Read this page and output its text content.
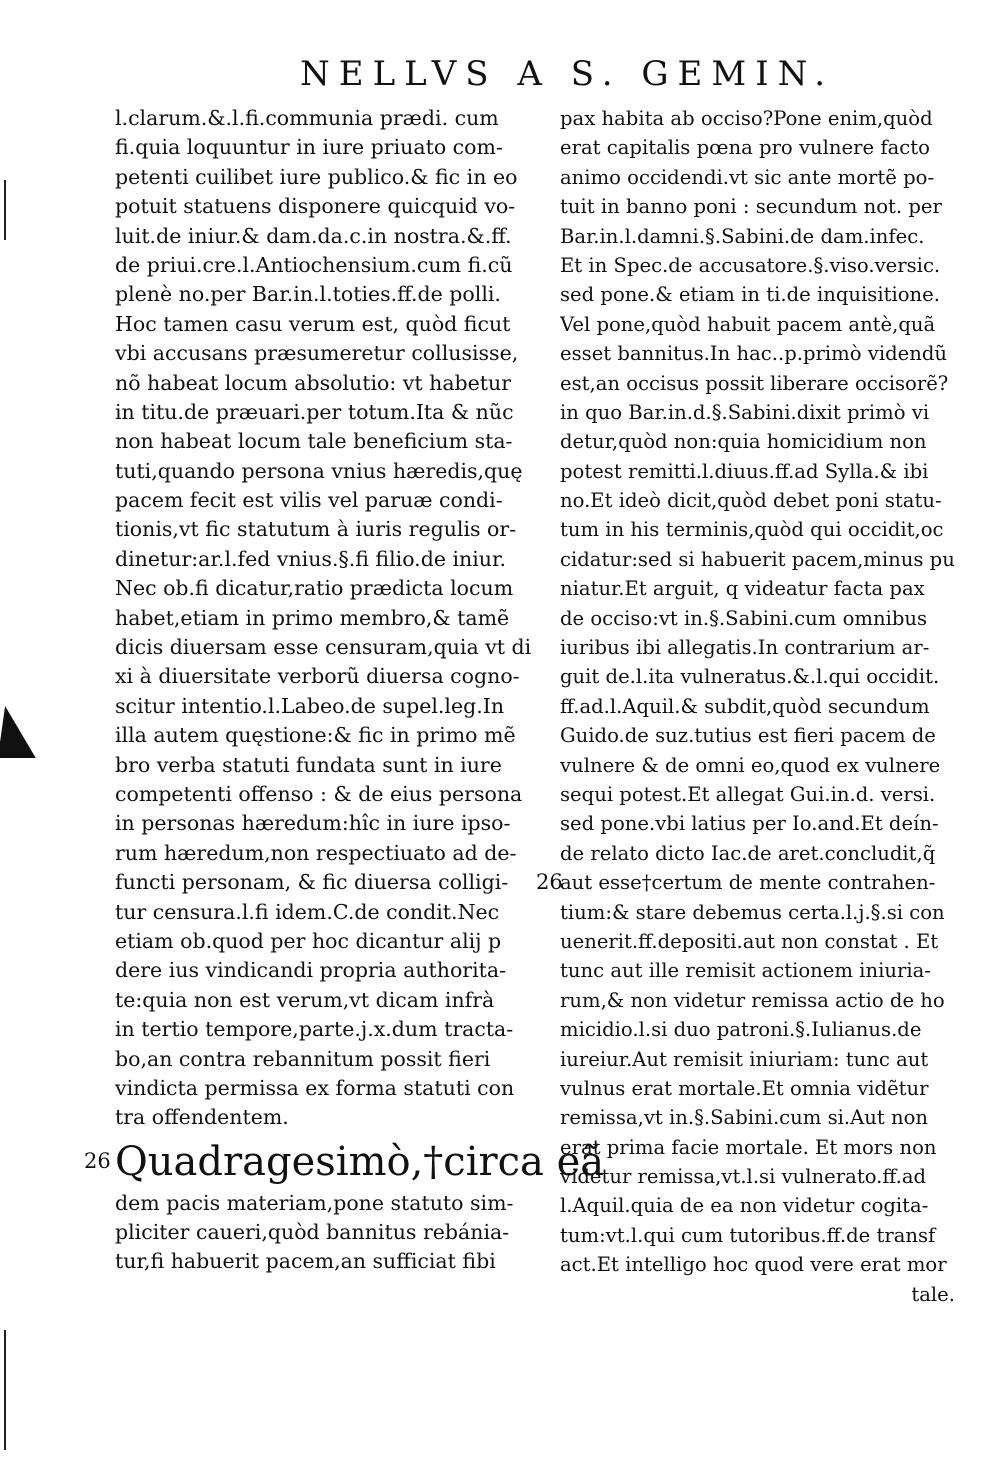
NELLVS A S. GEMIN.
l.clarum.&.l.fi.communia prædi. cum
fi.quia loquuntur in iure priuato com-
petenti cuilibet iure publico.& fic in eo
potuit statuens disponere quicquid vo-
luit.de iniur.& dam.da.c.in nostra.&.ff.
de priui.cre.l.Antiochensium.cum fi.cũ
plenè no.per Bar.in.l.toties.ff.de polli.
Hoc tamen casu verum est, quòd ficut
vbi accusans præsumeretur collusisse,
nõ habeat locum absolutio: vt habetur
in titu.de præuari.per totum.Ita & nũc
non habeat locum tale beneficium sta-
tuti,quando persona vnius hæredis,quę
pacem fecit est vilis vel paruæ condi-
tionis,vt fic statutum à iuris regulis or-
dinetur:ar.l.fed vnius.§.fi filio.de iniur.
Nec ob.fi dicatur,ratio prædicta locum
habet,etiam in primo membro,& tamẽ
dicis diuersam esse censuram,quia vt di
xi à diuersitate verborũ diuersa cogno-
scitur intentio.l.Labeo.de supel.leg.In
illa autem quęstione:& fic in primo mẽ
bro verba statuti fundata sunt in iure
competenti offenso : & de eius persona
in personas hæredum:hîc in iure ipso-
rum hæredum,non respectiuato ad de-
functi personam, & fic diuersa colligi-
tur censura.l.fi idem.C.de condit.Nec
etiam ob.quod per hoc dicantur alij p
dere ius vindicandi propria authorita-
te:quia non est verum,vt dicam infrà
in tertio tempore,parte.j.x.dum tracta-
bo,an contra rebannitum possit fieri
vindicta permissa ex forma statuti con
tra offendentem.
Quadragesimò,†circa eã
dem pacis materiam,pone statuto sim-
pliciter caueri,quòd bannitus rebánia-
tur,fi habuerit pacem,an sufficiat fibi
pax habita ab occiso?Pone enim,quòd
erat capitalis pœna pro vulnere facto
animo occidendi.vt sic ante mortẽ po-
tuit in banno poni : secundum not. per
Bar.in.l.damni.§.Sabini.de dam.infec.
Et in Spec.de accusatore.§.viso.versic.
sed pone.& etiam in ti.de inquisitione.
Vel pone,quòd habuit pacem antè,quã
esset bannitus.In hac..p.primò videndũ
est,an occisus possit liberare occisorẽ?
in quo Bar.in.d.§.Sabini.dixit primò vi
detur,quòd non:quia homicidium non
potest remitti.l.diuus.ff.ad Sylla.& ibi
no.Et ideò dicit,quòd debet poni statu-
tum in his terminis,quòd qui occidit,oc
cidatur:sed si habuerit pacem,minus pu
niatur.Et arguit, q videatur facta pax
de occiso:vt in.§.Sabini.cum omnibus
iuribus ibi allegatis.In contrarium ar-
guit de.l.ita vulneratus.&.l.qui occidit.
ff.ad.l.Aquil.& subdit,quòd secundum
Guido.de suz.tutius est fieri pacem de
vulnere & de omni eo,quod ex vulnere
sequi potest.Et allegat Gui.in.d. versi.
sed pone.vbi latius per Io.and.Et deín-
de relato dicto Iac.de aret.concludit,q̃
aut esse†certum de mente contrahen-
tium:& stare debemus certa.l.j.§.si con
uenerit.ff.depositi.aut non constat . Et
tunc aut ille remisit actionem iniuria-
rum,& non videtur remissa actio de ho
micidio.l.si duo patroni.§.Iulianus.de
iureiur.Aut remisit iniuriam: tunc aut
vulnus erat mortale.Et omnia vidẽtur
remissa,vt in.§.Sabini.cum si.Aut non
erat prima facie mortale. Et mors non
videtur remissa,vt.l.si vulnerato.ff.ad
l.Aquil.quia de ea non videtur cogita-
tum:vt.l.qui cum tutoribus.ff.de transf
act.Et intelligo hoc quod vere erat mor
tale.
26
26
